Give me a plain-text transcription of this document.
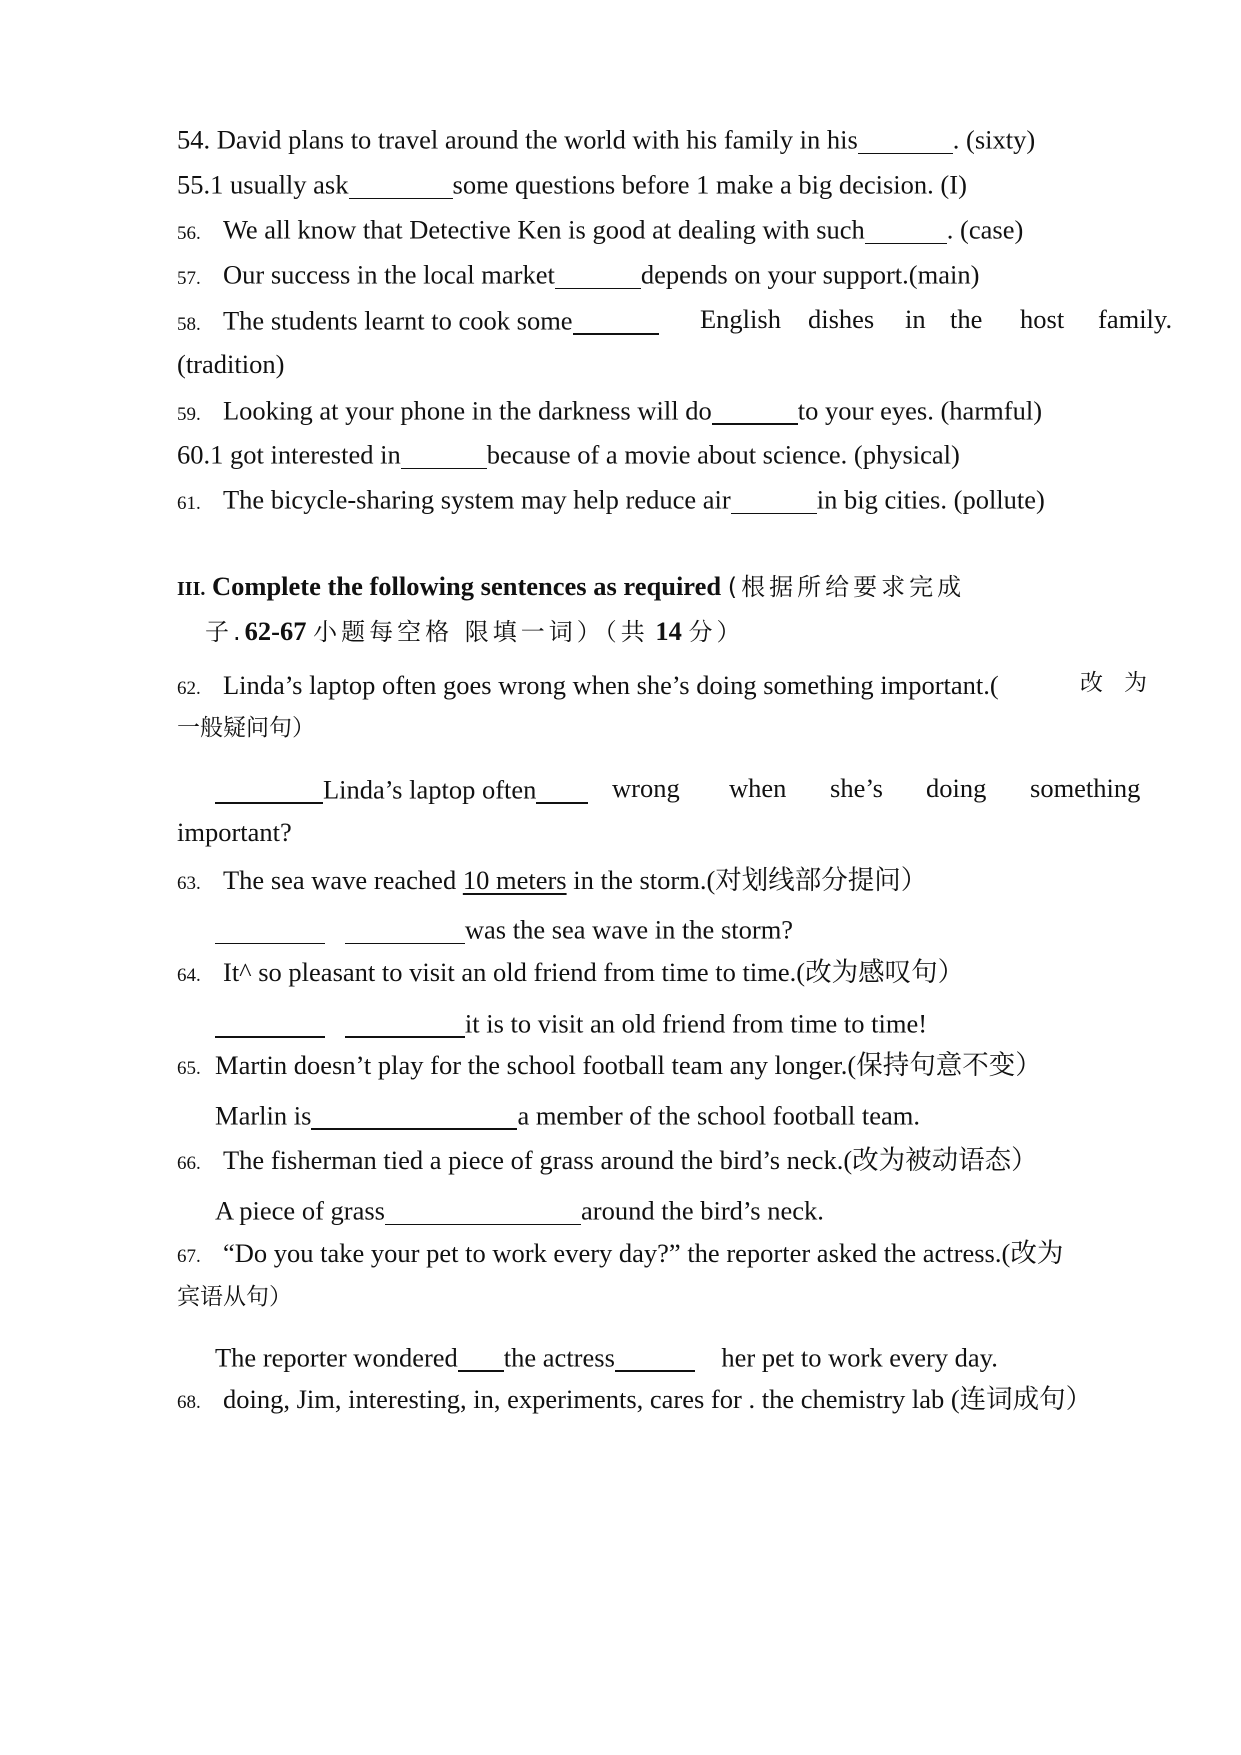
54. David plans to travel around the world with his family in his	. (sixty)
55.1 usually ask	some questions before 1 make a big decision. (I)
56. We all know that Detective Ken is good at dealing with such	. (case)
57. Our success in the local market	depends on your support.(main)
58. The students learnt to cook some	English dishes in the host family.
(tradition)
59. Looking at your phone in the darkness will do	to your eyes. (harmful)
60.1 got interested in	because of a movie about science. (physical)
61. The bicycle-sharing system may help reduce air	in big cities. (pollute)
III. Complete the following sentences as required (根据所给要求完成
子.62-67 小题每空格 限填一词）（共 14 分）
62. Linda’s laptop often goes wrong when she’s doing something important.(	改 为
一般疑问句）
Linda’s laptop often	wrong when she’s doing something
important?
63. The sea wave reached 10 meters in the storm.(对划线部分提问）
was the sea wave in the storm?
64. It^ so pleasant to visit an old friend from time to time.(改为感叹句）
it is to visit an old friend from time to time!
65. Martin doesn’t play for the school football team any longer.(保持句意不变）
Marlin is	a member of the school football team.
66. The fisherman tied a piece of grass around the bird’s neck.(改为被动语态）
A piece of grass	around the bird’s neck.
67. “Do you take your pet to work every day?” the reporter asked the actress.(改为
宾语从句）
The reporter wondered the actress	her pet to work every day.
68. doing, Jim, interesting, in, experiments, cares for . the chemistry lab (连词成句）
